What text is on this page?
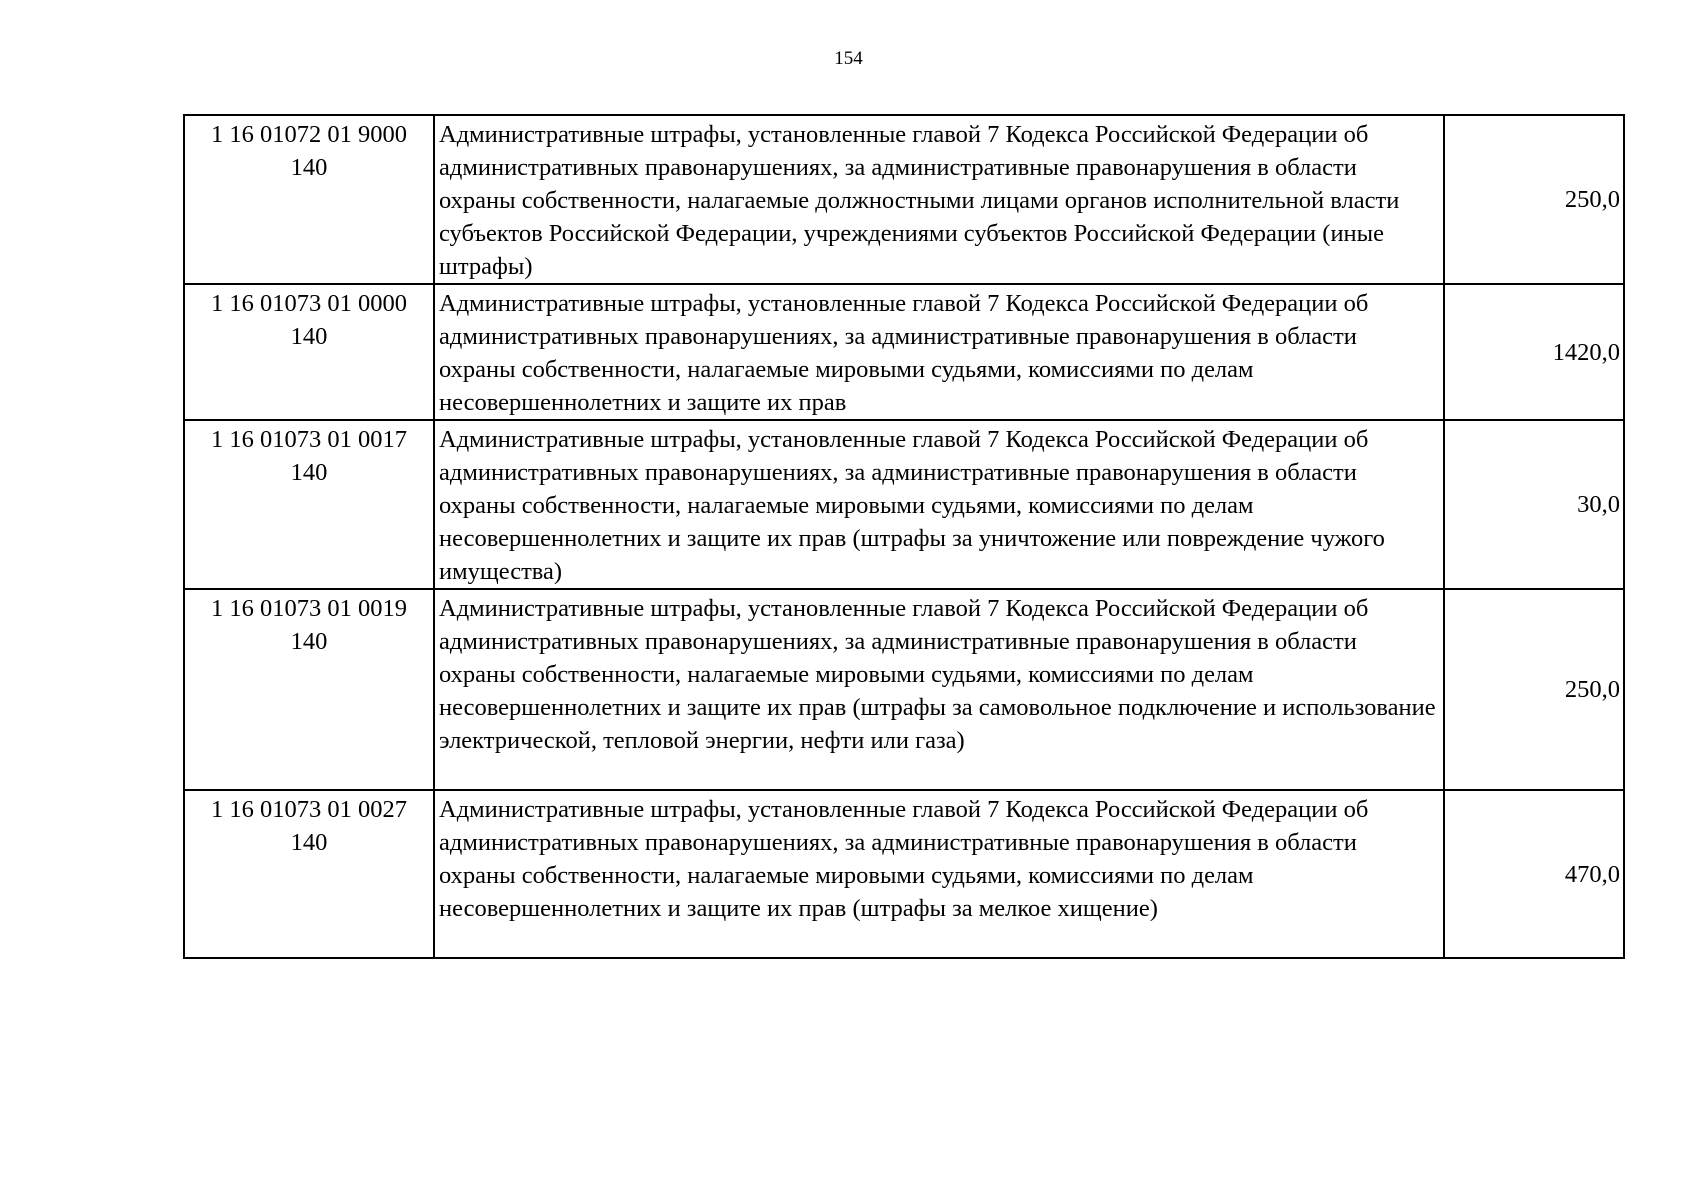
154
1 16 01072 01 9000
140	Административные штрафы, установленные главой 7 Кодекса Российской Федерации об административных правонарушениях, за административные правонарушения в области охраны собственности, налагаемые должностными лицами органов исполнительной власти субъектов Российской Федерации, учреждениями субъектов Российской Федерации (иные штрафы)	250,0

1 16 01073 01 0000
140	Административные штрафы, установленные главой 7 Кодекса Российской Федерации об административных правонарушениях, за административные правонарушения в области охраны собственности, налагаемые мировыми судьями, комиссиями по делам несовершеннолетних и защите их прав	1420,0

1 16 01073 01 0017
140	Административные штрафы, установленные главой 7 Кодекса Российской Федерации об административных правонарушениях, за административные правонарушения в области охраны собственности, налагаемые мировыми судьями, комиссиями по делам несовершеннолетних и защите их прав (штрафы за уничтожение или повреждение чужого имущества)	30,0

1 16 01073 01 0019
140	Административные штрафы, установленные главой 7 Кодекса Российской Федерации об административных правонарушениях, за административные правонарушения в области охраны собственности, налагаемые мировыми судьями, комиссиями по делам несовершеннолетних и защите их прав (штрафы за самовольное подключение и использование электрической, тепловой энергии, нефти или газа)	250,0

1 16 01073 01 0027
140	Административные штрафы, установленные главой 7 Кодекса Российской Федерации об административных правонарушениях, за административные правонарушения в области охраны собственности, налагаемые мировыми судьями, комиссиями по делам несовершеннолетних и защите их прав (штрафы за мелкое хищение)	470,0
